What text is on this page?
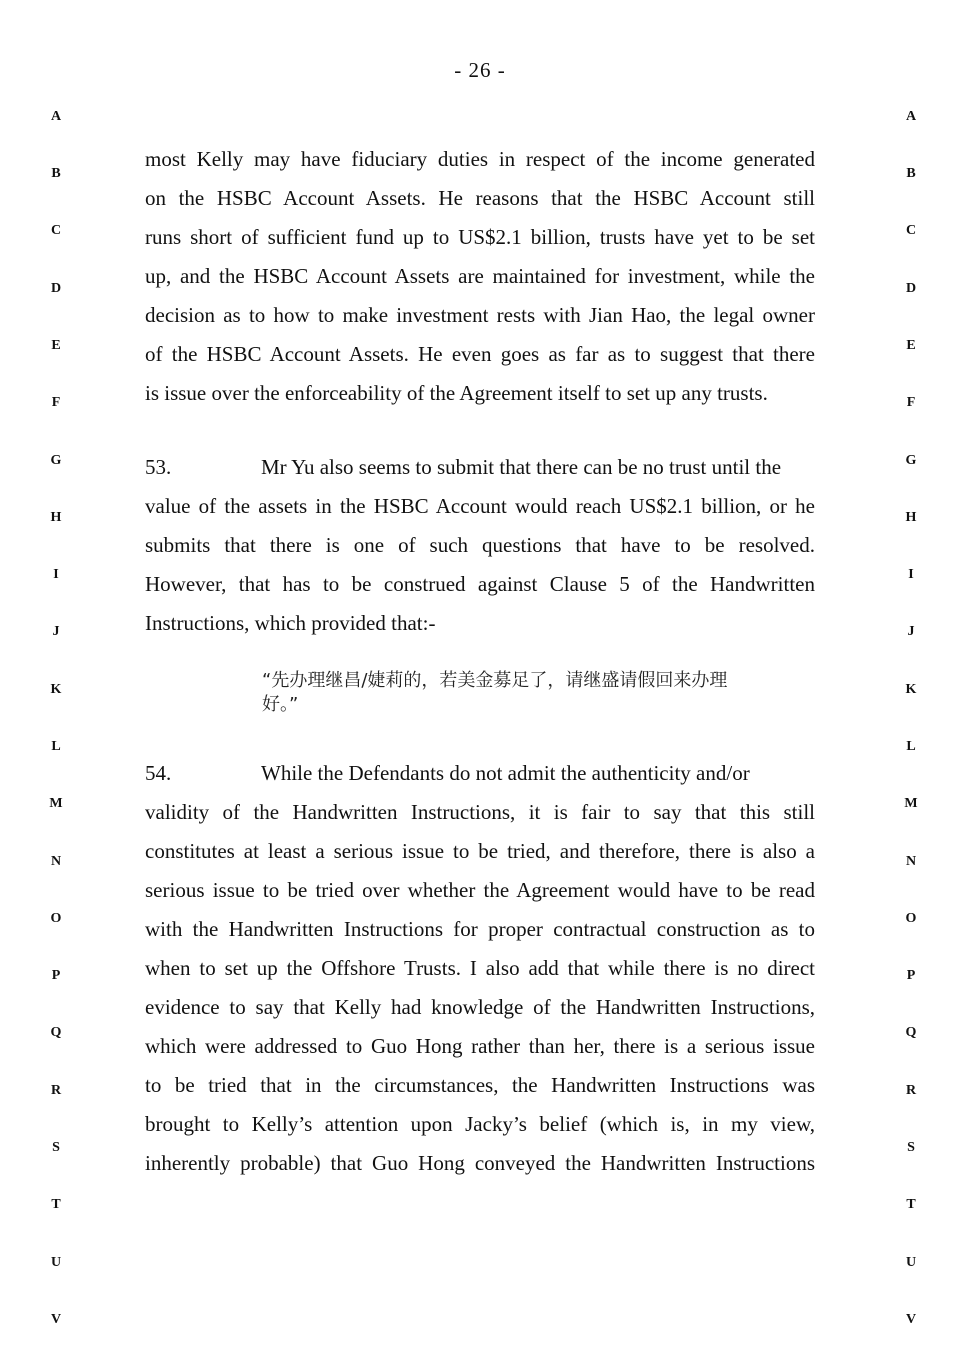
- 26 -
A
B
C
D
E
F
G
H
I
J
K
L
M
N
O
P
Q
R
S
T
U
V
A
B
C
D
E
F
G
H
I
J
K
L
M
N
O
P
Q
R
S
T
U
V
most Kelly may have fiduciary duties in respect of the income generated
on the HSBC Account Assets. He reasons that the HSBC Account still
runs short of sufficient fund up to US$2.1 billion, trusts have yet to be set
up, and the HSBC Account Assets are maintained for investment, while the
decision as to how to make investment rests with Jian Hao, the legal owner
of the HSBC Account Assets. He even goes as far as to suggest that there
is issue over the enforceability of the Agreement itself to set up any trusts.
53.	Mr Yu also seems to submit that there can be no trust until the
value of the assets in the HSBC Account would reach US$2.1 billion, or he
submits that there is one of such questions that have to be resolved.
However, that has to be construed against Clause 5 of the Handwritten
Instructions, which provided that:-
“先办理继昌/婕莉的，若美金募足了，请继盛请假回来办理
好。”
54.	While the Defendants do not admit the authenticity and/or
validity of the Handwritten Instructions, it is fair to say that this still
constitutes at least a serious issue to be tried, and therefore, there is also a
serious issue to be tried over whether the Agreement would have to be read
with the Handwritten Instructions for proper contractual construction as to
when to set up the Offshore Trusts. I also add that while there is no direct
evidence to say that Kelly had knowledge of the Handwritten Instructions,
which were addressed to Guo Hong rather than her, there is a serious issue
to be tried that in the circumstances, the Handwritten Instructions was
brought to Kelly’s attention upon Jacky’s belief (which is, in my view,
inherently probable) that Guo Hong conveyed the Handwritten Instructions
